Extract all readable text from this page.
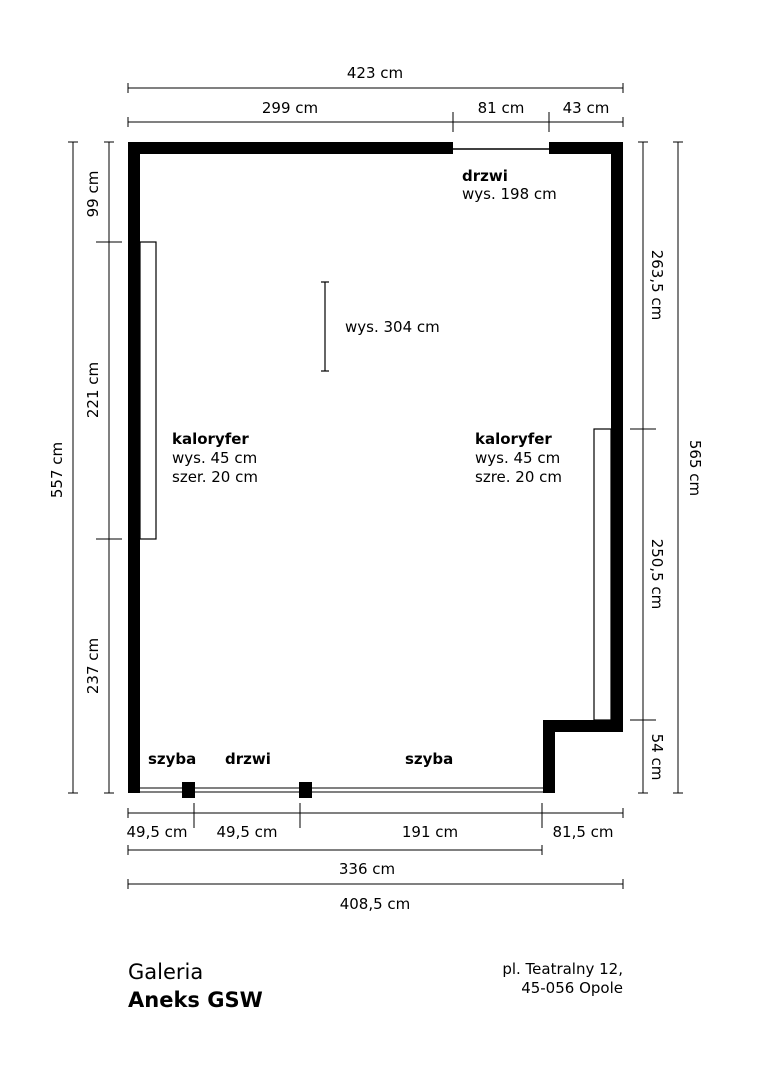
423 cm
299 cm	81 cm	43 cm
557 cm
99 cm
221 cm
237 cm
263,5 cm
250,5 cm
54 cm
565 cm
49,5 cm 49,5 cm	191 cm	81,5 cm
336 cm
408,5 cm
drzwi
wys. 198 cm
wys. 304 cm
kaloryfer
wys. 45 cm
szer. 20 cm
kaloryfer
wys. 45 cm
szre. 20 cm
szyba drzwi	szyba
Galeria
Aneks GSW
pl. Teatralny 12,
45-056 Opole
